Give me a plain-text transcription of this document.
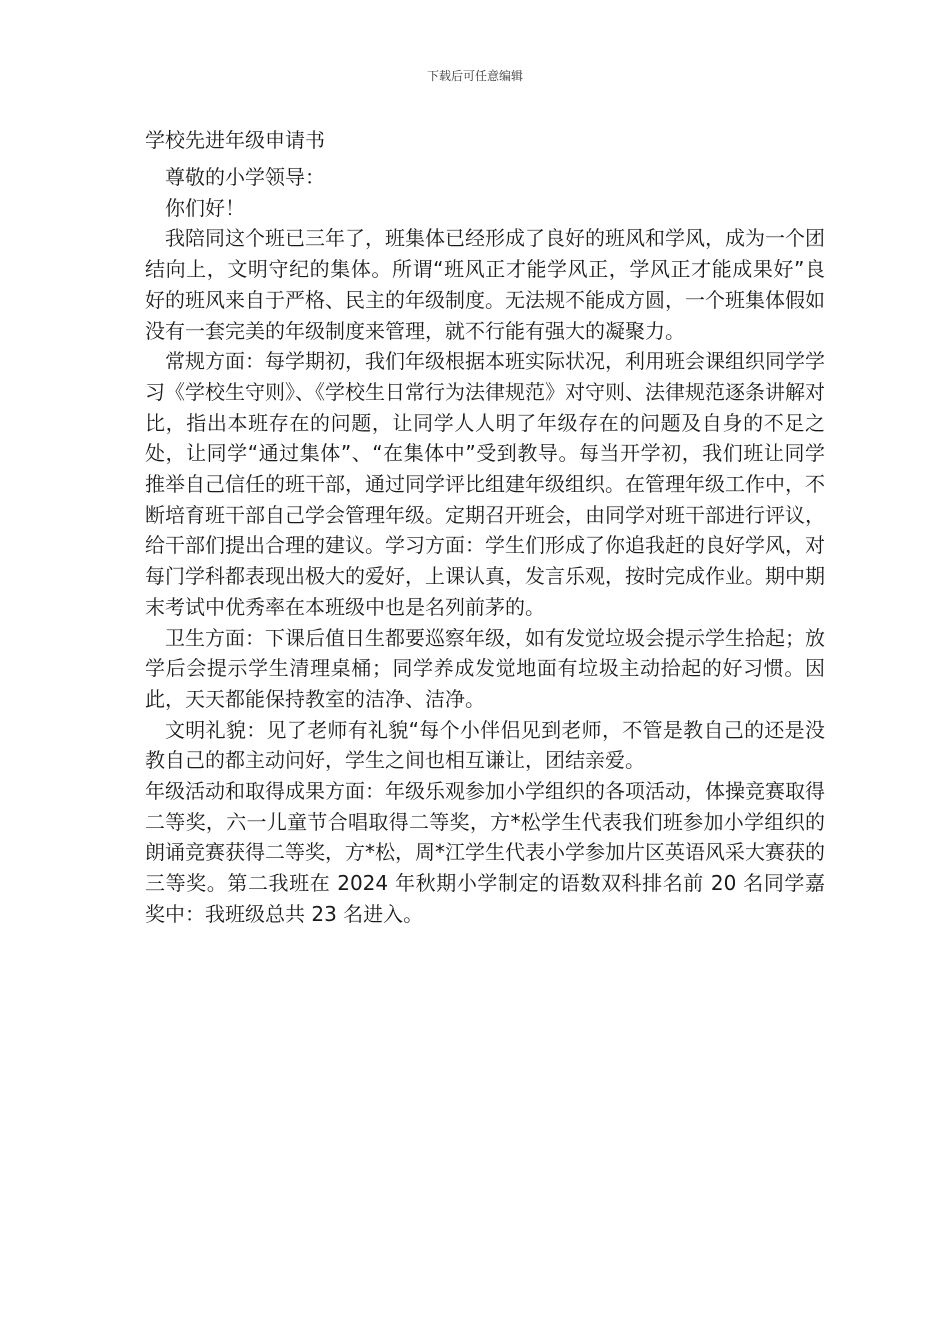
下载后可任意编辑
学校先进年级申请书

尊敬的小学领导：

你们好！

我陪同这个班已三年了，班集体已经形成了良好的班风和学风，成为一个团结向上，文明守纪的集体。所谓“班风正才能学风正，学风正才能成果好”良好的班风来自于严格、民主的年级制度。无法规不能成方圆，一个班集体假如没有一套完美的年级制度来管理，就不行能有强大的凝聚力。

常规方面：每学期初，我们年级根据本班实际状况，利用班会课组织同学学习《学校生守则》、《学校生日常行为法律规范》对守则、法律规范逐条讲解对比，指出本班存在的问题，让同学人人明了年级存在的问题及自身的不足之处，让同学“通过集体”、“在集体中”受到教导。每当开学初，我们班让同学推举自己信任的班干部，通过同学评比组建年级组织。在管理年级工作中，不断培育班干部自己学会管理年级。定期召开班会，由同学对班干部进行评议，给干部们提出合理的建议。学习方面：学生们形成了你追我赶的良好学风，对每门学科都表现出极大的爱好，上课认真，发言乐观，按时完成作业。期中期末考试中优秀率在本班级中也是名列前茅的。

卫生方面：下课后值日生都要巡察年级，如有发觉垃圾会提示学生拾起；放学后会提示学生清理桌桶；同学养成发觉地面有垃圾主动拾起的好习惯。因此，天天都能保持教室的洁净、洁净。

文明礼貌：见了老师有礼貌“每个小伴侣见到老师，不管是教自己的还是没教自己的都主动问好，学生之间也相互谦让，团结亲爱。

年级活动和取得成果方面：年级乐观参加小学组织的各项活动，体操竞赛取得二等奖，六一儿童节合唱取得二等奖，方*松学生代表我们班参加小学组织的朗诵竞赛获得二等奖，方*松，周*江学生代表小学参加片区英语风采大赛获的三等奖。第二我班在 2024 年秋期小学制定的语数双科排名前 20 名同学嘉奖中：我班级总共 23 名进入。
